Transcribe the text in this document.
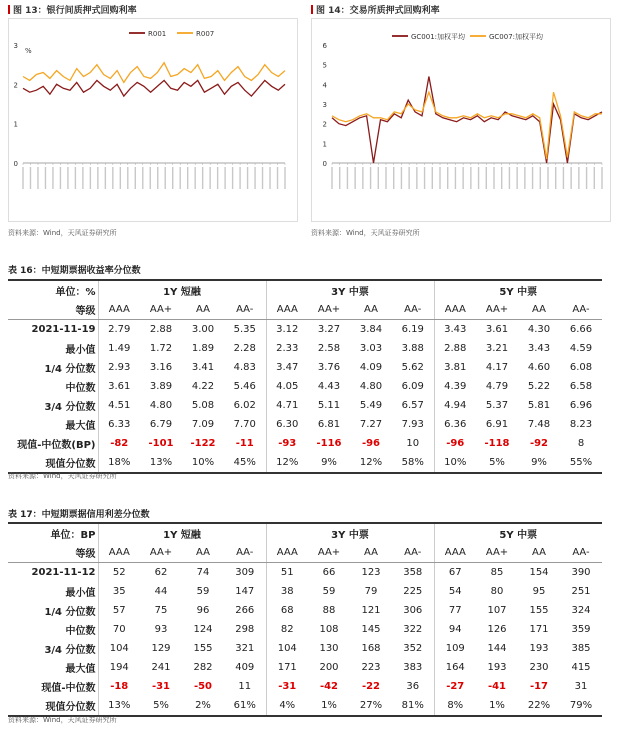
图 13：银行间质押式回购利率
3
2
1
0
%
R001	R007
资料来源：Wind，天风证券研究所
图 14：交易所质押式回购利率
6
5
4
3
2
1
0
GC001:加权平均	GC007:加权平均
资料来源：Wind，天风证券研究所
表 16：中短期票据收益率分位数
单位：%	1Y 短融				3Y 中票				5Y 中票			
等级	AAA	AA+	AA	AA-	AAA	AA+	AA	AA-	AAA	AA+	AA	AA-
2021-11-19	2.79	2.88	3.00	5.35	3.12	3.27	3.84	6.19	3.43	3.61	4.30	6.66
最小值	1.49	1.72	1.89	2.28	2.33	2.58	3.03	3.88	2.88	3.21	3.43	4.59
1/4 分位数	2.93	3.16	3.41	4.83	3.47	3.76	4.09	5.62	3.81	4.17	4.60	6.08
中位数	3.61	3.89	4.22	5.46	4.05	4.43	4.80	6.09	4.39	4.79	5.22	6.58
3/4 分位数	4.51	4.80	5.08	6.02	4.71	5.11	5.49	6.57	4.94	5.37	5.81	6.96
最大值	6.33	6.79	7.09	7.70	6.30	6.81	7.27	7.93	6.36	6.91	7.48	8.23
现值-中位数(BP)	-82	-101	-122	-11	-93	-116	-96	10	-96	-118	-92	8
现值分位数	18%	13%	10%	45%	12%	9%	12%	58%	10%	5%	9%	55%
资料来源：Wind，天风证券研究所
表 17：中短期票据信用利差分位数
单位：BP	1Y 短融				3Y 中票				5Y 中票			
等级	AAA	AA+	AA	AA-	AAA	AA+	AA	AA-	AAA	AA+	AA	AA-
2021-11-12	52	62	74	309	51	66	123	358	67	85	154	390
最小值	35	44	59	147	38	59	79	225	54	80	95	251
1/4 分位数	57	75	96	266	68	88	121	306	77	107	155	324
中位数	70	93	124	298	82	108	145	322	94	126	171	359
3/4 分位数	104	129	155	321	104	130	168	352	109	144	193	385
最大值	194	241	282	409	171	200	223	383	164	193	230	415
现值-中位数	-18	-31	-50	11	-31	-42	-22	36	-27	-41	-17	31
现值分位数	13%	5%	2%	61%	4%	1%	27%	81%	8%	1%	22%	79%
资料来源：Wind，天风证券研究所
